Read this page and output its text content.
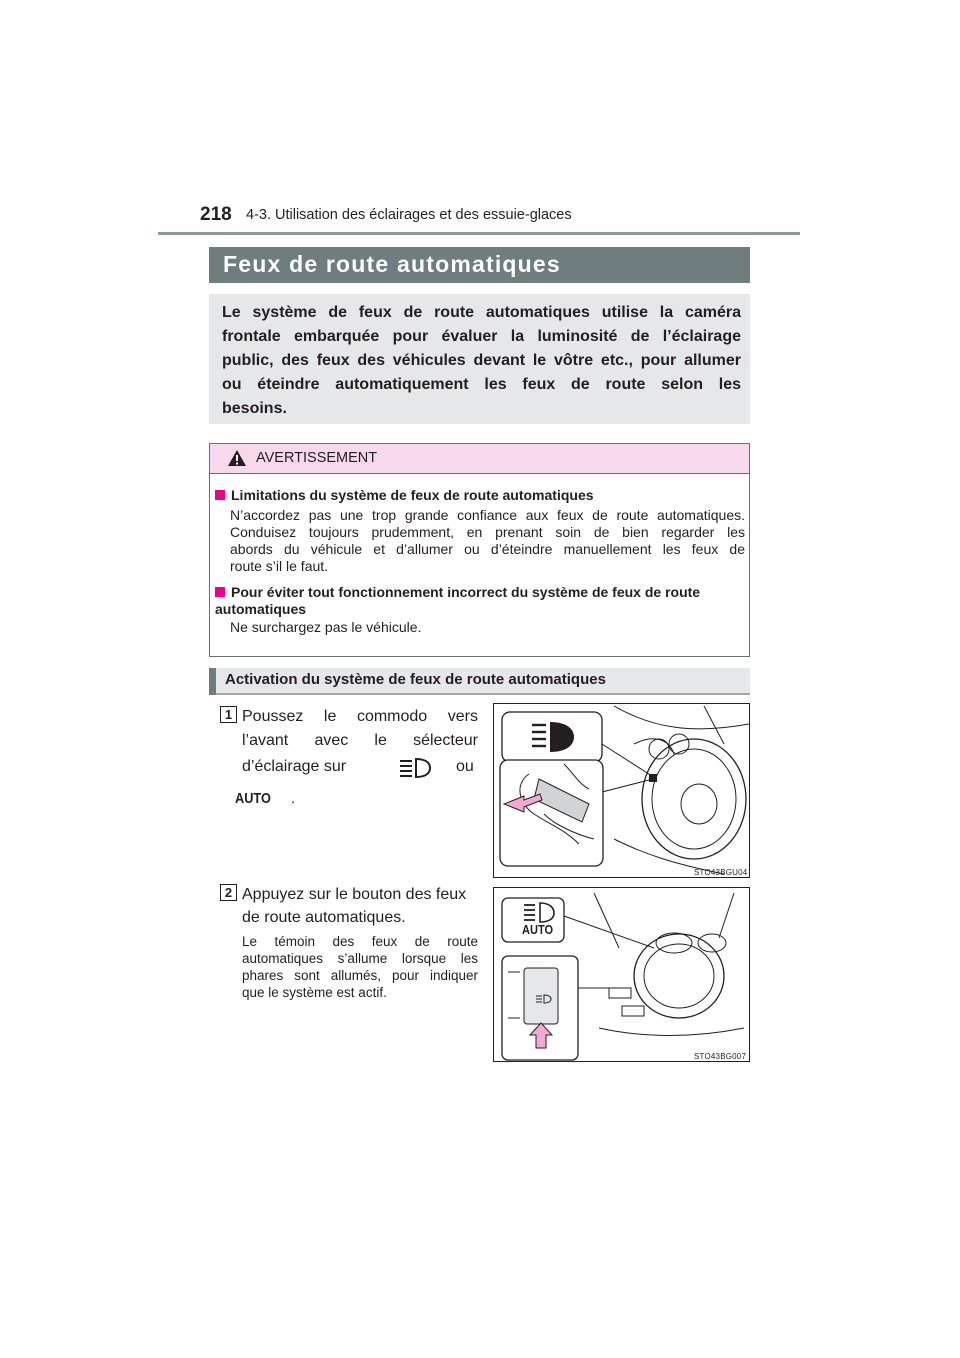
218 4-3. Utilisation des éclairages et des essuie-glaces
Feux de route automatiques

Le système de feux de route automatiques utilise la caméra

frontale embarquée pour évaluer la luminosité de l’éclairage

public, des feux des véhicules devant le vôtre etc., pour allumer

ou éteindre automatiquement les feux de route selon les

besoins.

AVERTISSEMENT
Limitations du système de feux de route automatiques
N’accordez pas une trop grande confiance aux feux de route automatiques.
Conduisez toujours prudemment, en prenant soin de bien regarder les
abords du véhicule et d’allumer ou d’éteindre manuellement les feux de
route s’il le faut.
Pour éviter tout fonctionnement incorrect du système de feux de route automatiques
Ne surchargez pas le véhicule.
Activation du système de feux de route automatiques
1 Poussez le commodo vers
l’avant avec le sélecteur
d’éclairage sur	ou
AUTO .
STO43BGU04
2 Appuyez sur le bouton des feux
de route automatiques.
Le témoin des feux de route
automatiques s’allume lorsque les
phares sont allumés, pour indiquer
que le système est actif.
AUTO
STO43BG007
